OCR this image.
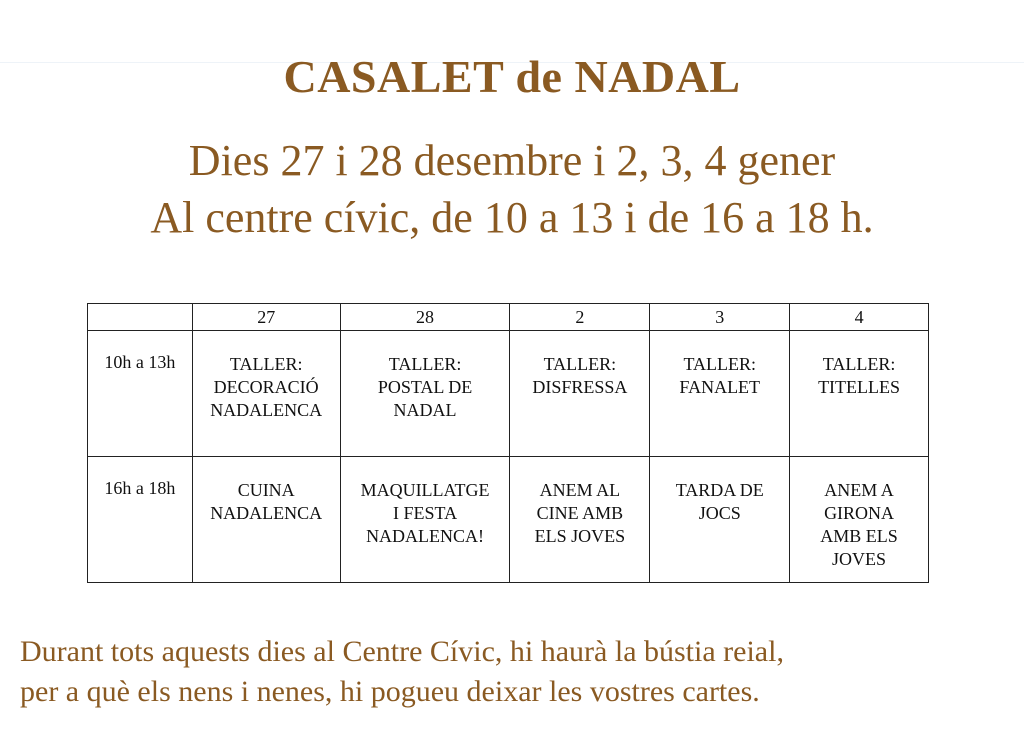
CASALET de NADAL
Dies 27 i 28 desembre i 2, 3, 4 gener
Al centre cívic, de 10 a 13 i de 16 a 18 h.
	27	28	2	3	4
10h a 13h	TALLER:
DECORACIÓ
NADALENCA	TALLER:
POSTAL DE
NADAL	TALLER:
DISFRESSA	TALLER:
FANALET	TALLER:
TITELLES
16h a 18h	CUINA
NADALENCA	MAQUILLATGE
I FESTA
NADALENCA!	ANEM AL
CINE AMB
ELS JOVES	TARDA DE
JOCS	ANEM A
GIRONA
AMB ELS
JOVES
Durant tots aquests dies al Centre Cívic, hi haurà la bústia reial,
per a què els nens i nenes, hi pogueu deixar les vostres cartes.
